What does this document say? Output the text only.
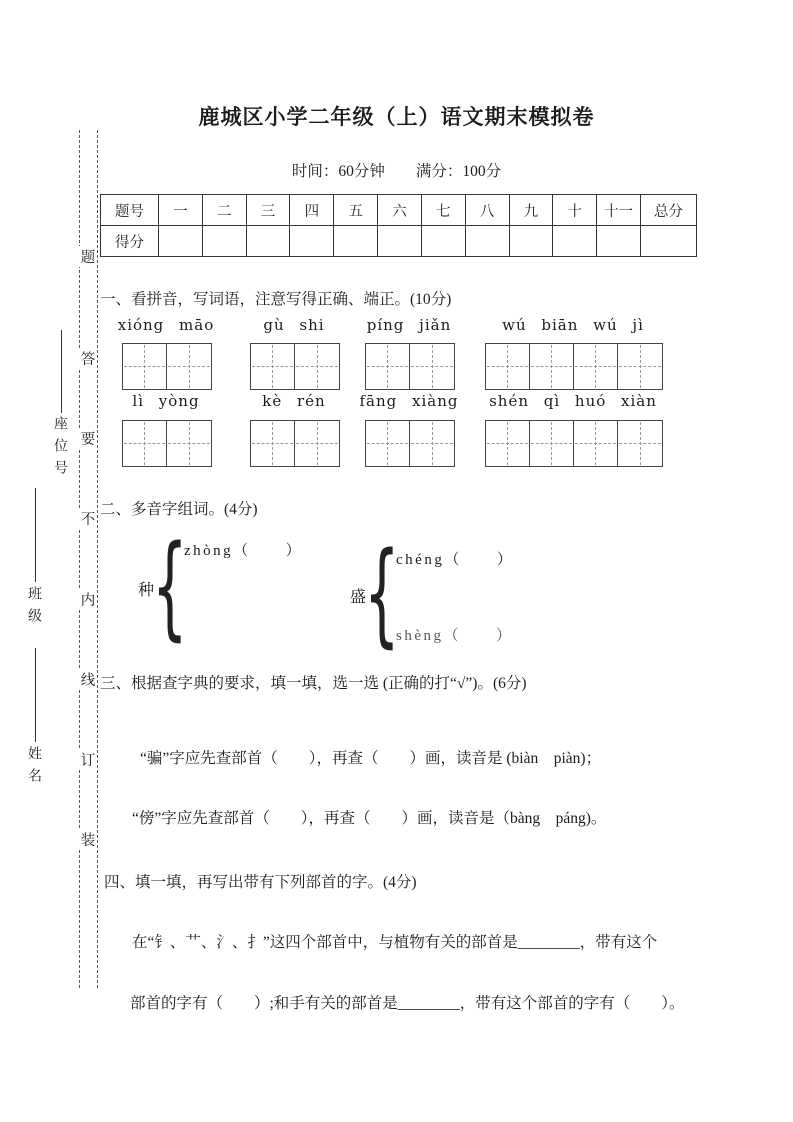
鹿城区小学二年级（上）语文期末模拟卷
时间：60分钟　　满分：100分
题
答
要
不
内
线
订
装
座位号
班级
姓名
题号	一	二	三	四	五	六	七	八	九	十	十一	总分
得分												
一、看拼音，写词语，注意写得正确、端正。(10分)
xióng māo	gù shi	píng jiǎn	wú biān wú jì
lì yòng	kè rén	fāng xiàng	shén qì huó xiàn
二、多音字组词。(4分)
种
{
zhòng（　　）
盛
{
chéng（　　）
shèng（　　）
三、根据查字典的要求，填一填，选一选 (正确的打“√”)。(6分)
“骗”字应先查部首（　　），再查（　　）画，读音是 (biàn　piàn)；
“傍”字应先查部首（　　），再查（　　）画，读音是（bàng　páng)。
四、填一填，再写出带有下列部首的字。(4分)
在“钅、艹、氵、扌”这四个部首中，与植物有关的部首是________，带有这个
部首的字有（　　）;和手有关的部首是________，带有这个部首的字有（　　）。
